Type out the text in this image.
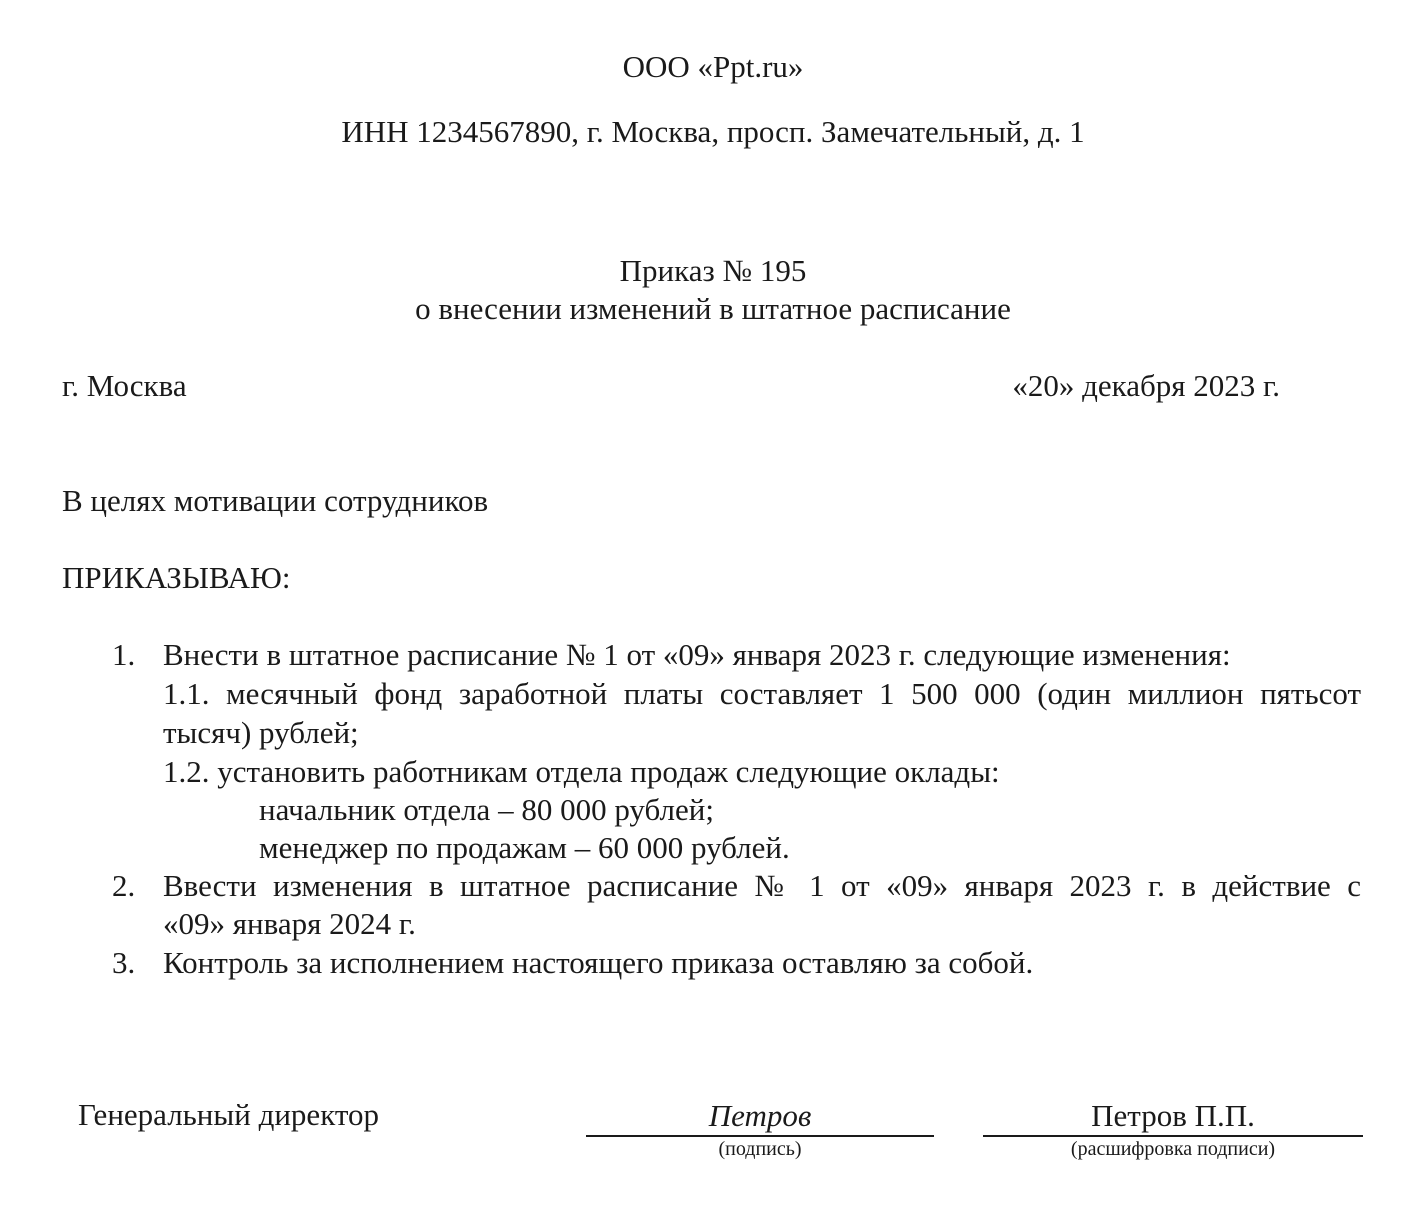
ООО «Ppt.ru»
ИНН 1234567890, г. Москва, просп. Замечательный, д. 1
Приказ № 195
о внесении изменений в штатное расписание
г. Москва	«20» декабря 2023 г.
В целях мотивации сотрудников
ПРИКАЗЫВАЮ:
1. Внести в штатное расписание № 1 от «09» января 2023 г. следующие изменения:
1.1. месячный фонд заработной платы составляет 1 500 000 (один миллион пятьсот
тысяч) рублей;
1.2. установить работникам отдела продаж следующие оклады:
начальник отдела – 80 000 рублей;
менеджер по продажам – 60 000 рублей.
2. Ввести изменения в штатное расписание № 1 от «09» января 2023 г. в действие с
«09» января 2024 г.
3. Контроль за исполнением настоящего приказа оставляю за собой.
Генеральный директор	Петров
(подпись)
Петров П.П.
(расшифровка подписи)
